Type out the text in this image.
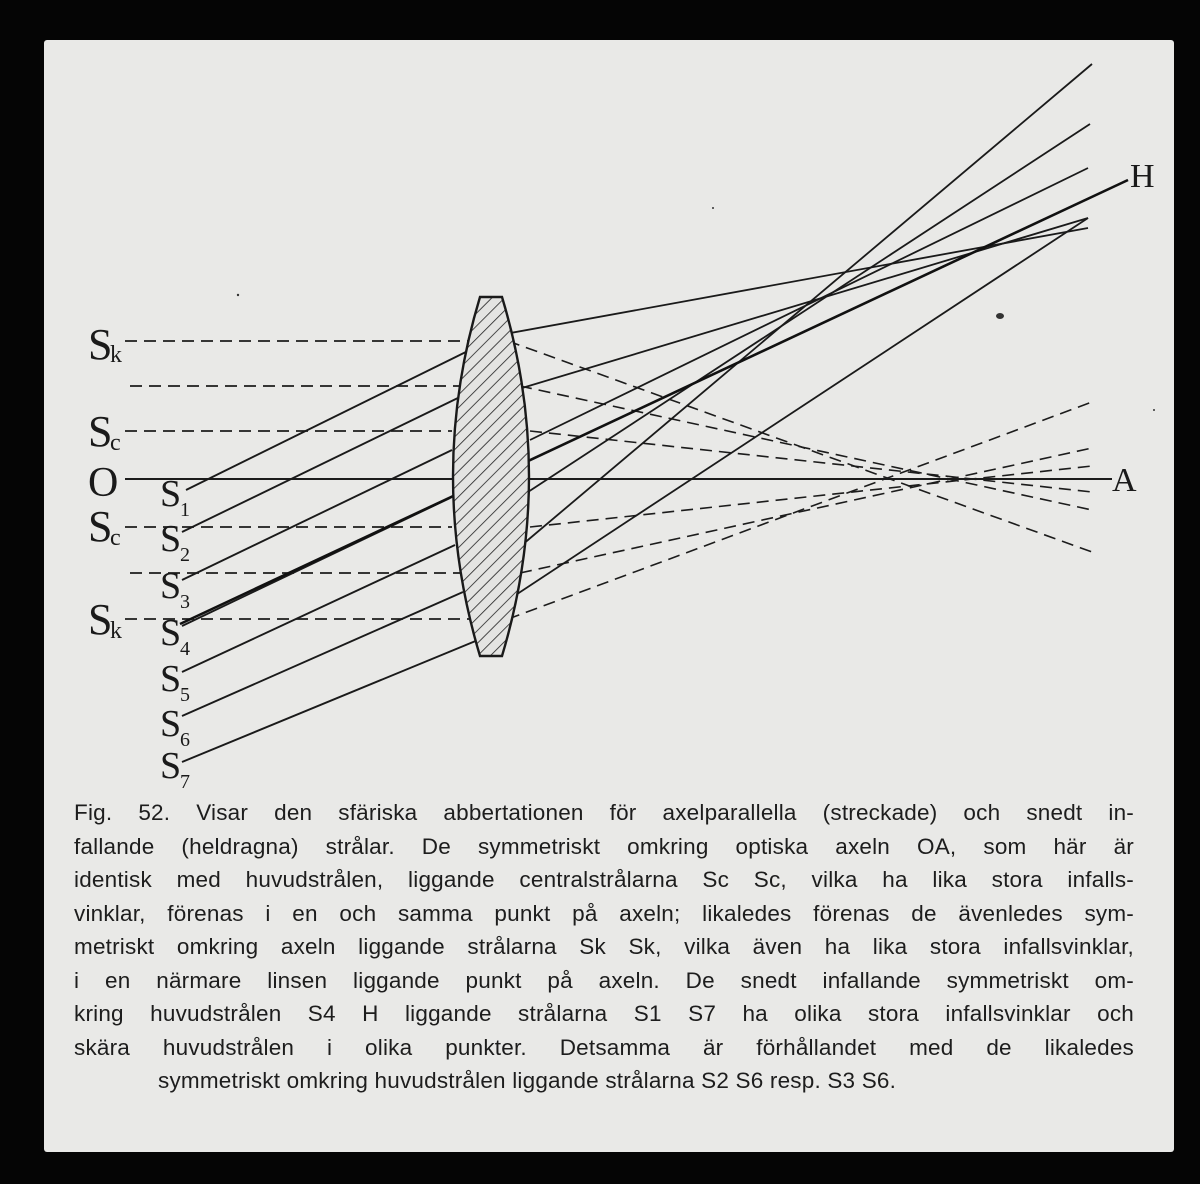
S
k
S
c
O
S
c
S
k
S
1
S
2
S
3
S
4
S
5
S
6
S
7
H
A
Fig. 52. Visar den sfäriska abbertationen för axelparallella (streckade) och snedt in-
fallande (heldragna) strålar. De symmetriskt omkring optiska axeln OA, som här är
identisk med huvudstrålen, liggande centralstrålarna Sc Sc, vilka ha lika stora infalls-
vinklar, förenas i en och samma punkt på axeln; likaledes förenas de ävenledes sym-
metriskt omkring axeln liggande strålarna Sk Sk, vilka även ha lika stora infallsvinklar,
i en närmare linsen liggande punkt på axeln. De snedt infallande symmetriskt om-
kring huvudstrålen S4 H liggande strålarna S1 S7 ha olika stora infallsvinklar och
skära huvudstrålen i olika punkter. Detsamma är förhållandet med de likaledes
symmetriskt omkring huvudstrålen liggande strålarna S2 S6 resp. S3 S6.
